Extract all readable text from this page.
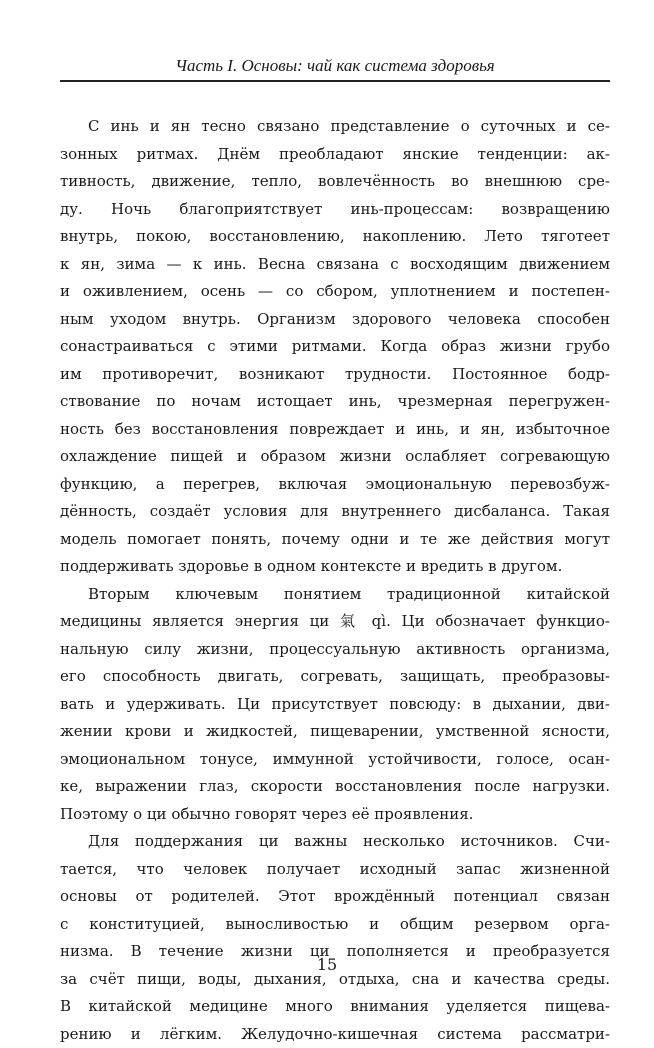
Часть I. Основы: чай как система здоровья
С инь и ян тесно связано представление о суточных и се-
зонных ритмах. Днём преобладают янские тенденции: ак-
тивность, движение, тепло, вовлечённость во внешнюю сре-
ду. Ночь благоприятствует инь-процессам: возвращению
внутрь, покою, восстановлению, накоплению. Лето тяготеет
к ян, зима — к инь. Весна связана с восходящим движением
и оживлением, осень — со сбором, уплотнением и постепен-
ным уходом внутрь. Организм здорового человека способен
сонастраиваться с этими ритмами. Когда образ жизни грубо
им противоречит, возникают трудности. Постоянное бодр-
ствование по ночам истощает инь, чрезмерная перегружен-
ность без восстановления повреждает и инь, и ян, избыточное
охлаждение пищей и образом жизни ослабляет согревающую
функцию, а перегрев, включая эмоциональную перевозбуж-
дённость, создаёт условия для внутреннего дисбаланса. Такая
модель помогает понять, почему одни и те же действия могут
поддерживать здоровье в одном контексте и вредить в другом.
Вторым ключевым понятием традиционной китайской
медицины является энергия ци 氣 qì. Ци обозначает функцио-
нальную силу жизни, процессуальную активность организма,
его способность двигать, согревать, защищать, преобразовы-
вать и удерживать. Ци присутствует повсюду: в дыхании, дви-
жении крови и жидкостей, пищеварении, умственной ясности,
эмоциональном тонусе, иммунной устойчивости, голосе, осан-
ке, выражении глаз, скорости восстановления после нагрузки.
Поэтому о ци обычно говорят через её проявления.
Для поддержания ци важны несколько источников. Счи-
тается, что человек получает исходный запас жизненной
основы от родителей. Этот врождённый потенциал связан
с конституцией, выносливостью и общим резервом орга-
низма. В течение жизни ци пополняется и преобразуется
за счёт пищи, воды, дыхания, отдыха, сна и качества среды.
В китайской медицине много внимания уделяется пищева-
рению и лёгким. Желудочно-кишечная система рассматри-
15
